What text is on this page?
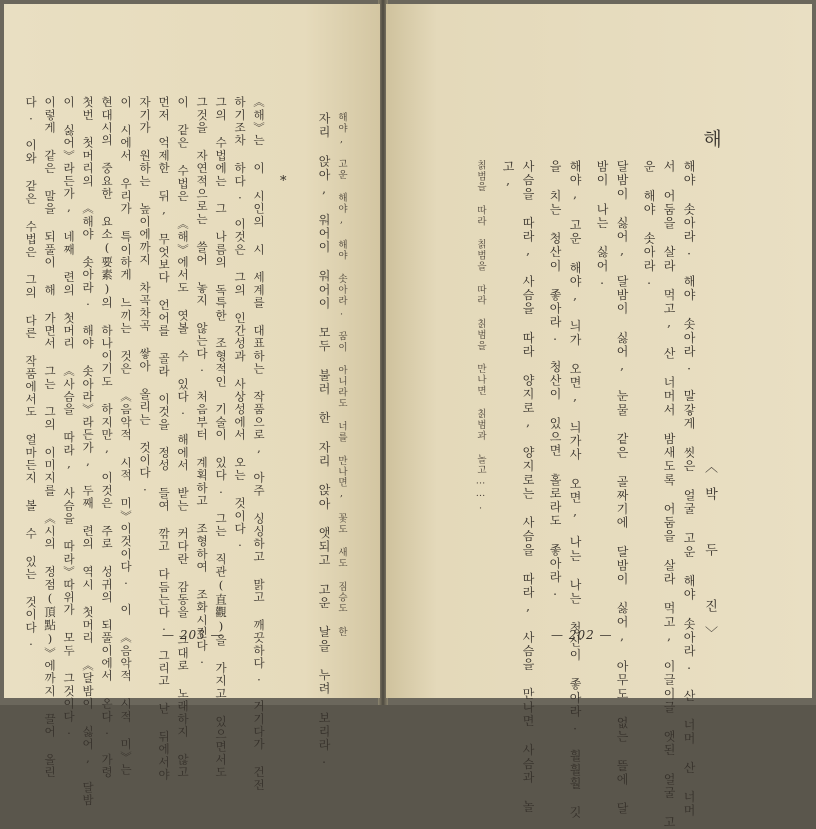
해
〈박 두 진〉
해야 솟아라. 해야 솟아라. 말갛게 씻은 얼굴 고운 해야 솟아라. 산 너머 산 너머
서 어둠을 살라 먹고, 산 너머서 밤새도록 어둠을 살라 먹고, 이글이글 앳된 얼굴 고
운 해야 솟아라.
달밤이 싫어, 달밤이 싫어, 눈물 같은 골짜기에 달밤이 싫어, 아무도 없는 뜰에 달
밤이 나는 싫어.
해야, 고운 해야, 늬가 오면, 늬가사 오면, 나는 나는 청산이 좋아라. 훨훨훨 깃
을 치는 청산이 좋아라. 청산이 있으면 홀로라도 좋아라.
사슴을 따라, 사슴을 따라 양지로, 양지로는 사슴을 따라, 사슴을 만나면 사슴과 놀
고,
칡범을 따라 칡범을 따라 칡범을 만나면 칡범과 놀고…….
— 202 —
해야, 고운 해야, 해야 솟아라. 꿈이 아니라도 너를 만나면, 꽃도 새도 짐승도 한
자리 앉아, 워어이 워어이 모두 불러 한 자리 앉아 앳되고 고운 날을 누려 보리라.
*
《해》는 이 시인의 시 세계를 대표하는 작품으로, 아주 싱싱하고 맑고 깨끗하다. 거기다가 건전
하기조차 하다. 이것은 그의 인간성과 사상성에서 오는 것이다.
그의 수법에는 그 나름의 독특한 조형적인 기술이 있다. 그는 직관(直觀)을 가지고 있으면서도
그것을 자연적으로는 쓸어 놓지 않는다. 처음부터 계획하고 조형하여 조화시킨다.
이 같은 수법은 《해》에서도 엿볼 수 있다. 해에서 받는 커다란 감동을 그대로 노래하지 않고
먼저 억제한 뒤, 무엇보다 언어를 골라 이것을 정성 들여 깎고 다듬는다. 그리고 난 뒤에서야
자기가 원하는 높이에까지 차곡차곡 쌓아 올리는 것이다.
이 시에서 우리가 특이하게 느끼는 것은 《음악적 시적 미》이것이다. 이 《음악적 시적 미》는
현대시의 중요한 요소(要素)의 하나이기도 하지만, 이것은 주로 성귀의 되풀이에서 온다. 가령
첫번 첫머리의 《해야 솟아라. 해야 솟아라》라든가, 두째 련의 역시 첫머리 《달밤이 싫어, 달밤
이 싫어》라든가, 네째 련의 첫머리 《사슴을 따라, 사슴을 따라》따위가 모두 그것이다.
이렇게 같은 말을 되풀이 해 가면서 그는 그의 이미지를 《시의 정점(頂點)》에까지 끌어 올린
다. 이와 같은 수법은 그의 다른 작품에서도 얼마든지 볼 수 있는 것이다.	— 203 —
